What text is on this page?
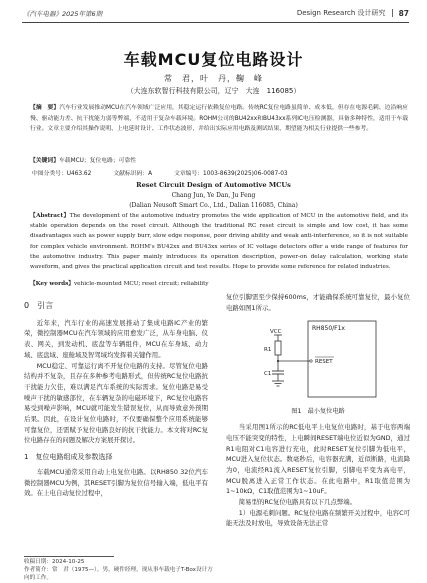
《汽车电器》2025年第6期	Design Research 设计研究 87
车载MCU复位电路设计
常　君，叶　丹，鞠　峰
（大连东软智行科技有限公司，辽宁　大连　116085）
【摘　要】汽车行业发展推动MCU在汽车领域广泛应用，其稳定运行依赖复位电路。传统RC复位电路虽简单、成本低，但存在电源毛刺、边沿响应慢、驱动能力差、抗干扰能力弱等弊端，不适用于复杂车载环境。ROHM公司的BU42xx和BU43xx系列IC电压检测器，具备多种特性，适用于车载行业。文章主要介绍其操作说明、上电延时设计、工作状态波形，并给出实际应用电路及测试结果，期望能为相关行业提供一些参考。
【关键词】车载MCU；复位电路；可靠性
中图分类号：U463.62	文献标识码：A	文章编号：1003-8639(2025)06-0087-03
Reset Circuit Design of Automotive MCUs
Chang Jun, Ye Dan, Ju Feng
(Dalian Neusoft Smart Co., Ltd., Dalian 116085, China)
【Abstract】The development of the automotive industry promotes the wide application of MCU in the automotive field, and its stable operation depends on the reset circuit. Although the traditional RC reset circuit is simple and low cost, it has some disadvantages such as power supply burr, slow edge response, poor driving ability and weak anti-interference, so it is not suitable for complex vehicle environment. ROHM's BU42xx and BU43xx series of IC voltage detectors offer a wide range of features for the automotive industry. This paper mainly introduces its operation description, power-on delay calculation, working state waveform, and gives the practical application circuit and test results. Hope to provide some reference for related industries.
【Key words】vehicle-mounted MCU; reset circuit; reliability
0　引言

近年来，汽车行业的高速发展推动了集成电路IC产业的繁荣，微控制器MCU在汽车领域的应用愈发广泛，从车身电脑、仪表、网关，到发动机、底盘等车辆组件，MCU在车身域、动力域、底盘域、座舱域及智驾域均发挥着关键作用。

MCU稳定、可靠运行离不开复位电路的支持。尽管复位电路结构并不复杂，且存在多种参考电路形式，但传统RC复位电路抗干扰能力欠佳，难以满足汽车系统的实际需求。复位电路是易受噪声干扰的敏感部位，在车辆复杂的电磁环境下，RC复位电路容易受到噪声影响，MCU就可能发生错误复位，从而导致意外预期后果。因此，在设计复位电路时，不仅要确保整个应用系统能够可靠复位，还需赋予复位电路良好的抗干扰能力。本文将对RC复位电路存在的问题及解决方案展开探讨。

1　复位电路组成及参数选择

车载MCU通常采用自动上电复位电路。以RH850 32位汽车微控制器MCU为例，其RESET引脚为复位信号输入端，低电平有效。在上电自动复位过程中，

复位引脚需至少保持600ms，才能确保系统可靠复位，最小复位电路如图1所示。

RH850/F1x
VCC
R1
RESET
C1
图1　最小复位电路

当采用图1所示的RC低电平上电复位电路时，基于电容两端电压不能突变的特性，上电瞬间RESET端电位近似为GND，通过R1电阻对C1电容进行充电，此时RESET复位引脚为低电平，MCU进入复位状态。数毫秒后，电容器充满，近似断路，电流降为0，电流经R1流入RESET复位引脚，引脚电平变为高电平，MCU脱离进入正常工作状态。在此电路中，R1取值范围为1~10kΩ，C1取值范围为1~10uF。

简易型的RC复位电路具有以下几点弊端。

1）电源毛刺问题。RC复位电路在频繁开关过程中，电容C可能无法及时放电，导致设备无法正常

收稿日期：2024-10-25
作者简介：常　君（1975—），男，硬件经理，现从事车载电子T-Box设计方向的工作。
